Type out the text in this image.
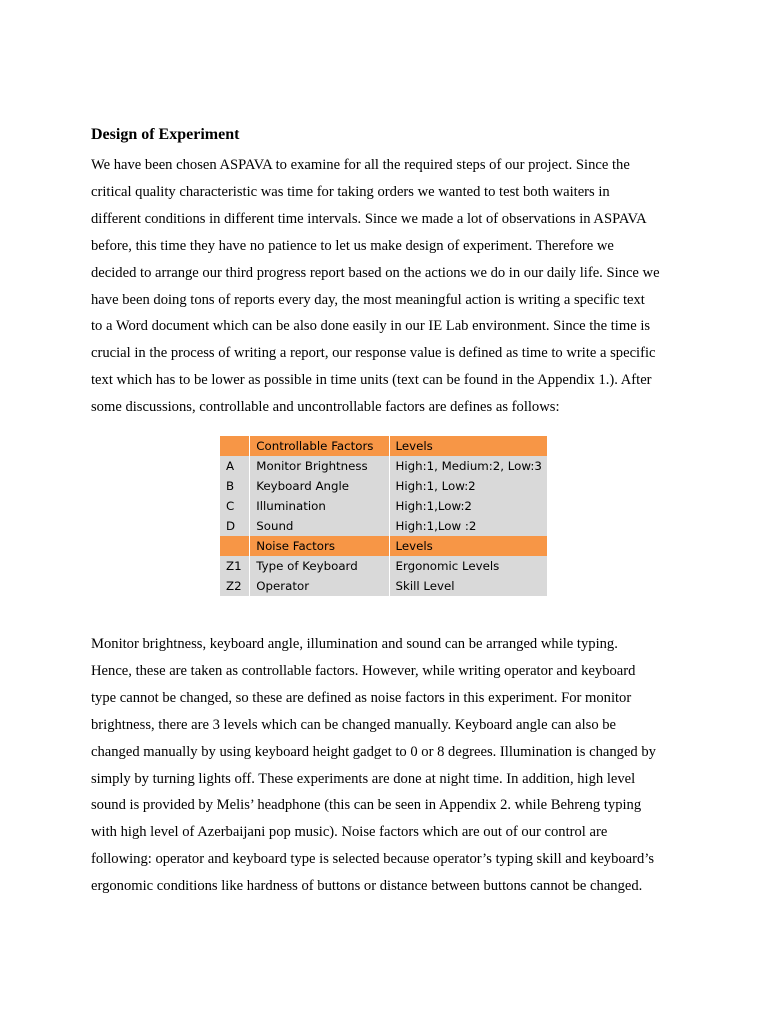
Design of Experiment
We have been chosen ASPAVA to examine for all the required steps of our project. Since the
critical quality characteristic was time for taking orders we wanted to test both waiters in
different conditions in different time intervals. Since we made a lot of observations in ASPAVA
before, this time they have no patience to let us make design of experiment. Therefore we
decided to arrange our third progress report based on the actions we do in our daily life. Since we
have been doing tons of reports every day, the most meaningful action is writing a specific text
to a Word document which can be also done easily in our IE Lab environment. Since the time is
crucial in the process of writing a report, our response value is defined as time to write a specific
text which has to be lower as possible in time units (text can be found in the Appendix 1.). After
some discussions, controllable and uncontrollable factors are defines as follows:
	Controllable Factors	Levels
A	Monitor Brightness	High:1, Medium:2, Low:3
B	Keyboard Angle	High:1, Low:2
C	Illumination	High:1,Low:2
D	Sound	High:1,Low :2
	Noise Factors	Levels
Z1	Type of Keyboard	Ergonomic Levels
Z2	Operator	Skill Level
Monitor brightness, keyboard angle, illumination and sound can be arranged while typing.
Hence, these are taken as controllable factors. However, while writing operator and keyboard
type cannot be changed, so these are defined as noise factors in this experiment. For monitor
brightness, there are 3 levels which can be changed manually. Keyboard angle can also be
changed manually by using keyboard height gadget to 0 or 8 degrees. Illumination is changed by
simply by turning lights off. These experiments are done at night time. In addition, high level
sound is provided by Melis’ headphone (this can be seen in Appendix 2. while Behreng typing
with high level of Azerbaijani pop music). Noise factors which are out of our control are
following: operator and keyboard type is selected because operator’s typing skill and keyboard’s
ergonomic conditions like hardness of buttons or distance between buttons cannot be changed.
